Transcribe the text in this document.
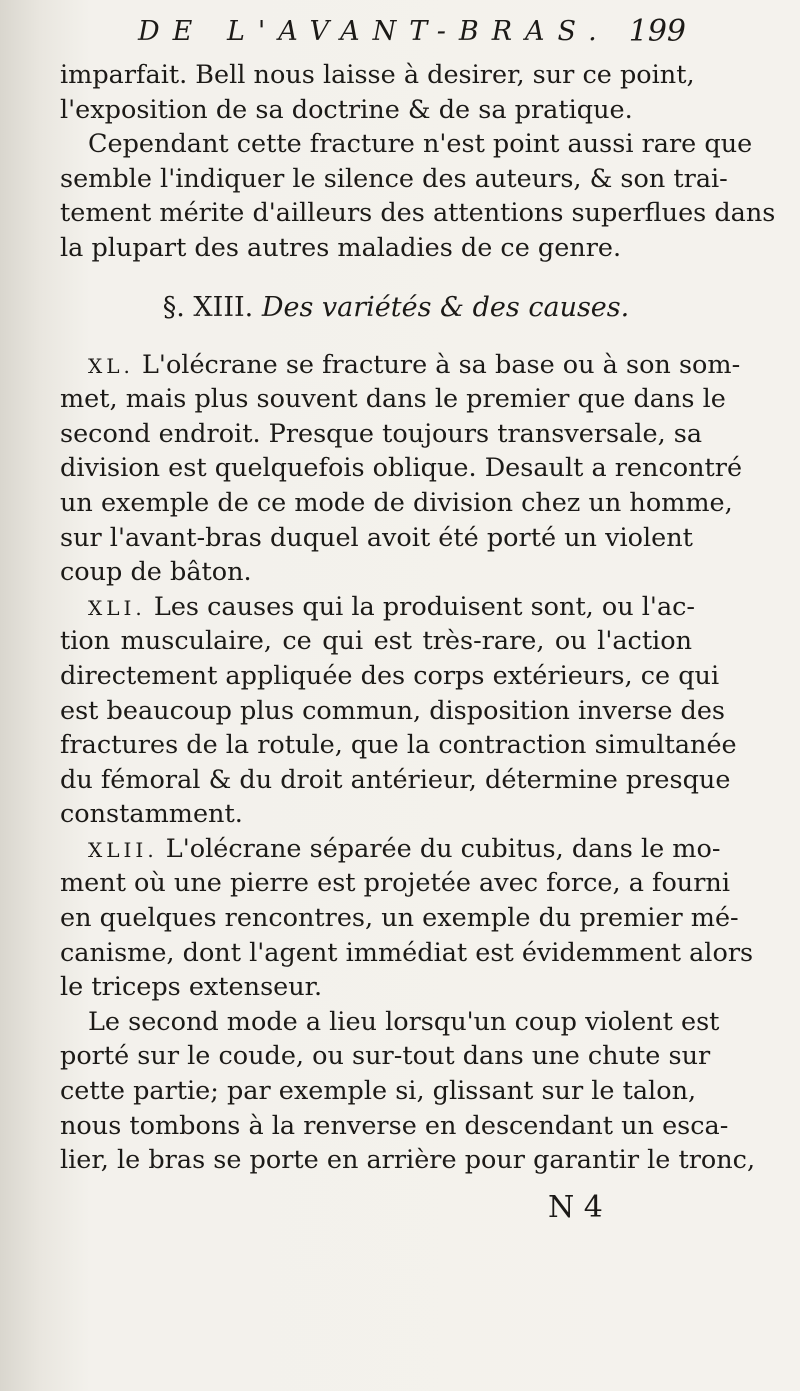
DE L'AVANT-BRAS. 199
imparfait. Bell nous laisse à desirer, sur ce point,
l'exposition de sa doctrine & de sa pratique.
Cependant cette fracture n'est point aussi rare que
semble l'indiquer le silence des auteurs, & son trai-
tement mérite d'ailleurs des attentions superflues dans
la plupart des autres maladies de ce genre.
§. XIII. Des variétés & des causes.
XL. L'olécrane se fracture à sa base ou à son som-
met, mais plus souvent dans le premier que dans le
second endroit. Presque toujours transversale, sa
division est quelquefois oblique. Desault a rencontré
un exemple de ce mode de division chez un homme,
sur l'avant-bras duquel avoit été porté un violent
coup de bâton.
XLI. Les causes qui la produisent sont, ou l'ac-
tion musculaire, ce qui est très-rare, ou l'action
directement appliquée des corps extérieurs, ce qui
est beaucoup plus commun, disposition inverse des
fractures de la rotule, que la contraction simultanée
du fémoral & du droit antérieur, détermine presque
constamment.
XLII. L'olécrane séparée du cubitus, dans le mo-
ment où une pierre est projetée avec force, a fourni
en quelques rencontres, un exemple du premier mé-
canisme, dont l'agent immédiat est évidemment alors
le triceps extenseur.
Le second mode a lieu lorsqu'un coup violent est
porté sur le coude, ou sur-tout dans une chute sur
cette partie; par exemple si, glissant sur le talon,
nous tombons à la renverse en descendant un esca-
lier, le bras se porte en arrière pour garantir le tronc,
N 4
